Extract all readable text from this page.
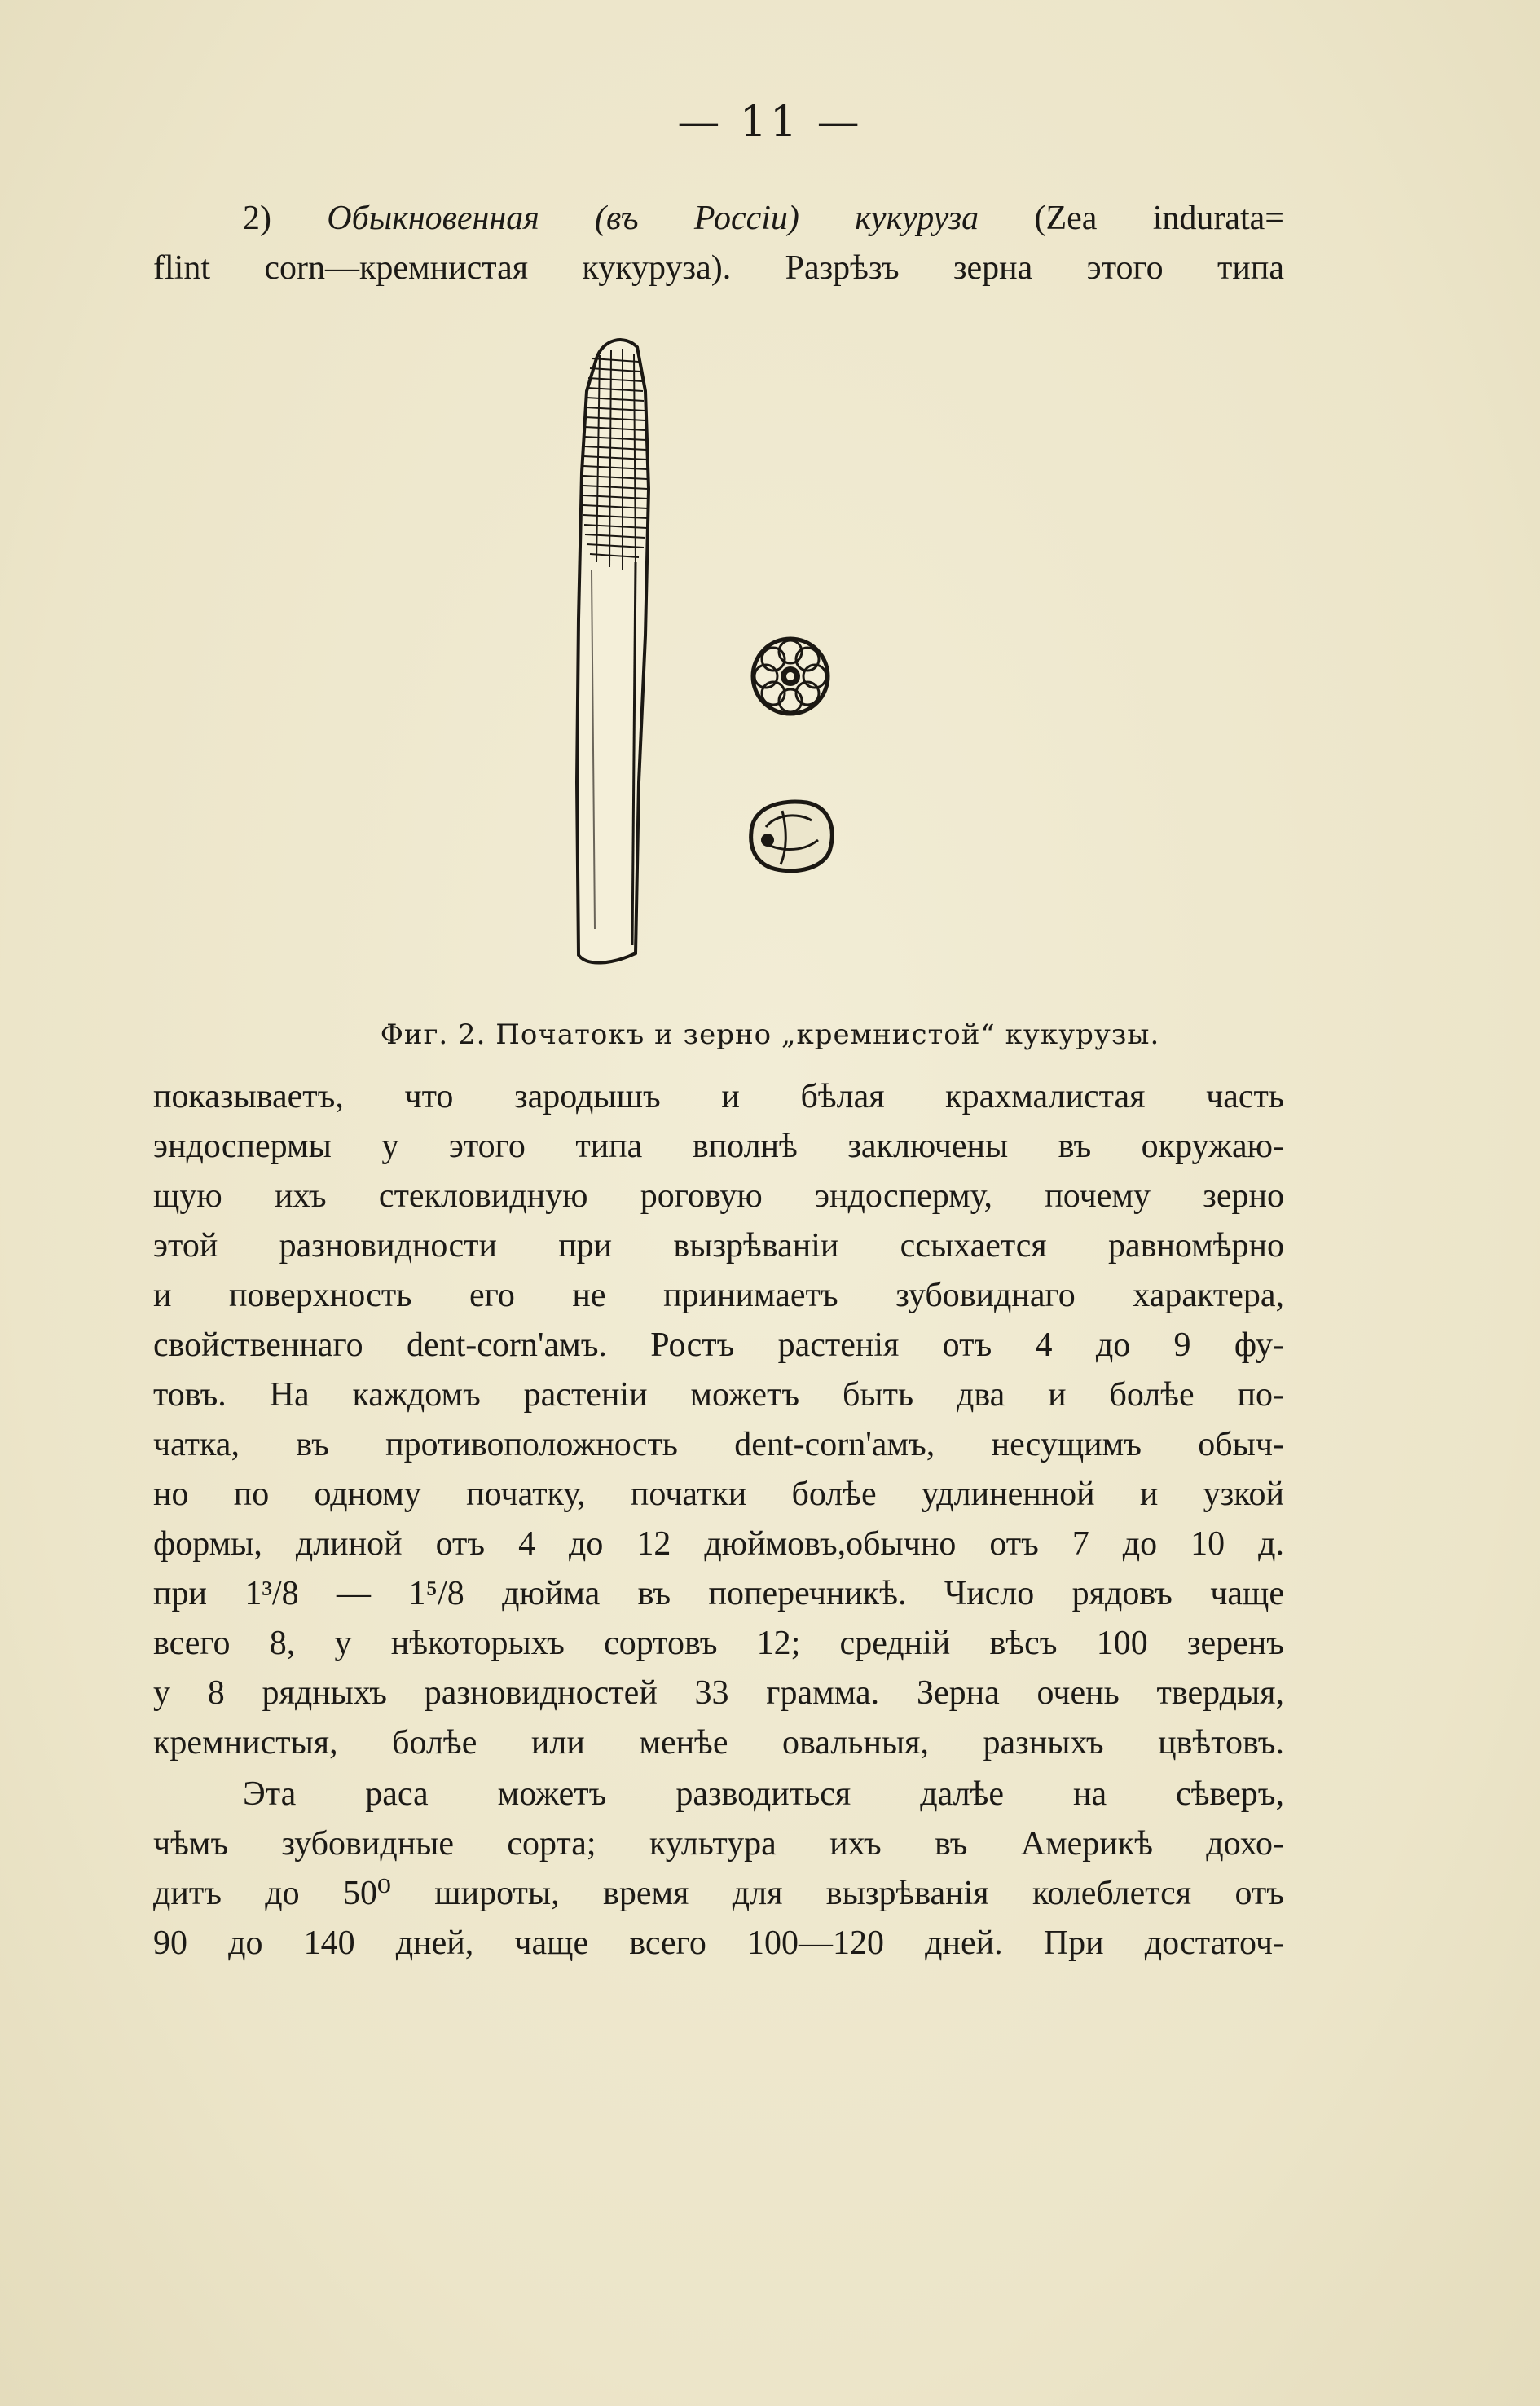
— 11 —
2) Обыкновенная (въ Россіи) кукуруза (Zea indurata=
flint corn—кремнистая кукуруза). Разрѣзъ зерна этого типа
Фиг. 2. Початокъ и зерно „кремнистой“ кукурузы.
показываетъ, что зародышъ и бѣлая крахмалистая часть
эндоспермы у этого типа вполнѣ заключены въ окружаю-
щую ихъ стекловидную роговую эндосперму, почему зерно
этой разновидности при вызрѣваніи ссыхается равномѣрно
и поверхность его не принимаетъ зубовиднаго характера,
свойственнаго dent-corn'амъ. Ростъ растенія отъ 4 до 9 фу-
товъ. На каждомъ растеніи можетъ быть два и болѣе по-
чатка, въ противоположность dent-corn'амъ, несущимъ обыч-
но по одному початку, початки болѣе удлиненной и узкой
формы, длиной отъ 4 до 12 дюймовъ,обычно отъ 7 до 10 д.
при 1³/8 — 1⁵/8 дюйма въ поперечникѣ. Число рядовъ чаще
всего 8, у нѣкоторыхъ сортовъ 12; средній вѣсъ 100 зеренъ
у 8 рядныхъ разновидностей 33 грамма. Зерна очень твердыя,
кремнистыя, болѣе или менѣе овальныя, разныхъ цвѣтовъ.
Эта раса можетъ разводиться далѣе на сѣверъ,
чѣмъ зубовидные сорта; культура ихъ въ Америкѣ дохо-
дитъ до 50⁰ широты, время для вызрѣванія колеблется отъ
90 до 140 дней, чаще всего 100—120 дней. При достаточ-
